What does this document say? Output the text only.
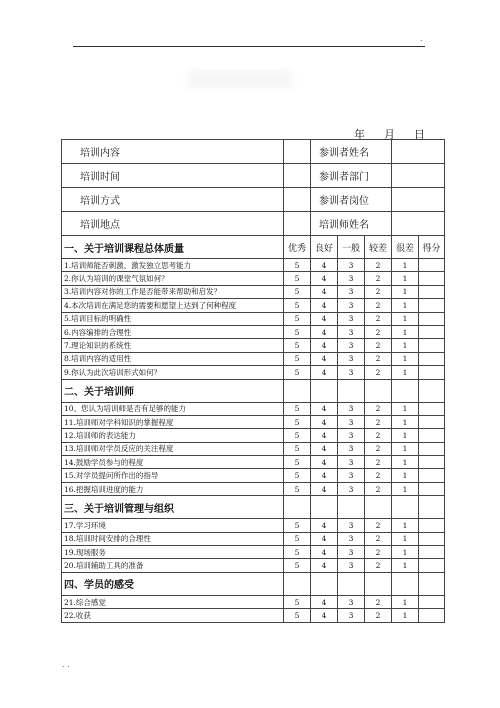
.
年 月 日
培训内容		参训者姓名				
培训时间		参训者部门				
培训方式		参训者岗位				
培训地点		培训师姓名				
一、关于培训课程总体质量	优秀	良好	一般	较差	很差	得分
1.培训师能否刺激、激发独立思考能力	5	4	3	2	1	
2.你认为培训的课堂气氛如何？	5	4	3	2	1	
3.培训内容对你的工作是否能带来帮助和启发？	5	4	3	2	1	
4.本次培训在满足您的需要和愿望上达到了何种程度	5	4	3	2	1	
5.培训目标的明确性	5	4	3	2	1	
6.内容编排的合理性	5	4	3	2	1	
7.理论知识的系统性	5	4	3	2	1	
8.培训内容的适用性	5	4	3	2	1	
9.你认为此次培训形式如何？	5	4	3	2	1	
二、关于培训师						
10、您认为培训师是否有足够的能力	5	4	3	2	1	
11.培训师对学科知识的掌握程度	5	4	3	2	1	
12.培训师的表达能力	5	4	3	2	1	
13.培训师对学员反应的关注程度	5	4	3	2	1	
14.鼓励学员参与的程度	5	4	3	2	1	
15.对学员提问所作出的指导	5	4	3	2	1	
16.把握培训进度的能力	5	4	3	2	1	
三、关于培训管理与组织						
17.学习环境	5	4	3	2	1	
18.培训时间安排的合理性	5	4	3	2	1	
19.现场服务	5	4	3	2	1	
20.培训辅助工具的准备	5	4	3	2	1	
四、学员的感受						
21.综合感觉	5	4	3	2	1	
22.收获	5	4	3	2	1	
. .
